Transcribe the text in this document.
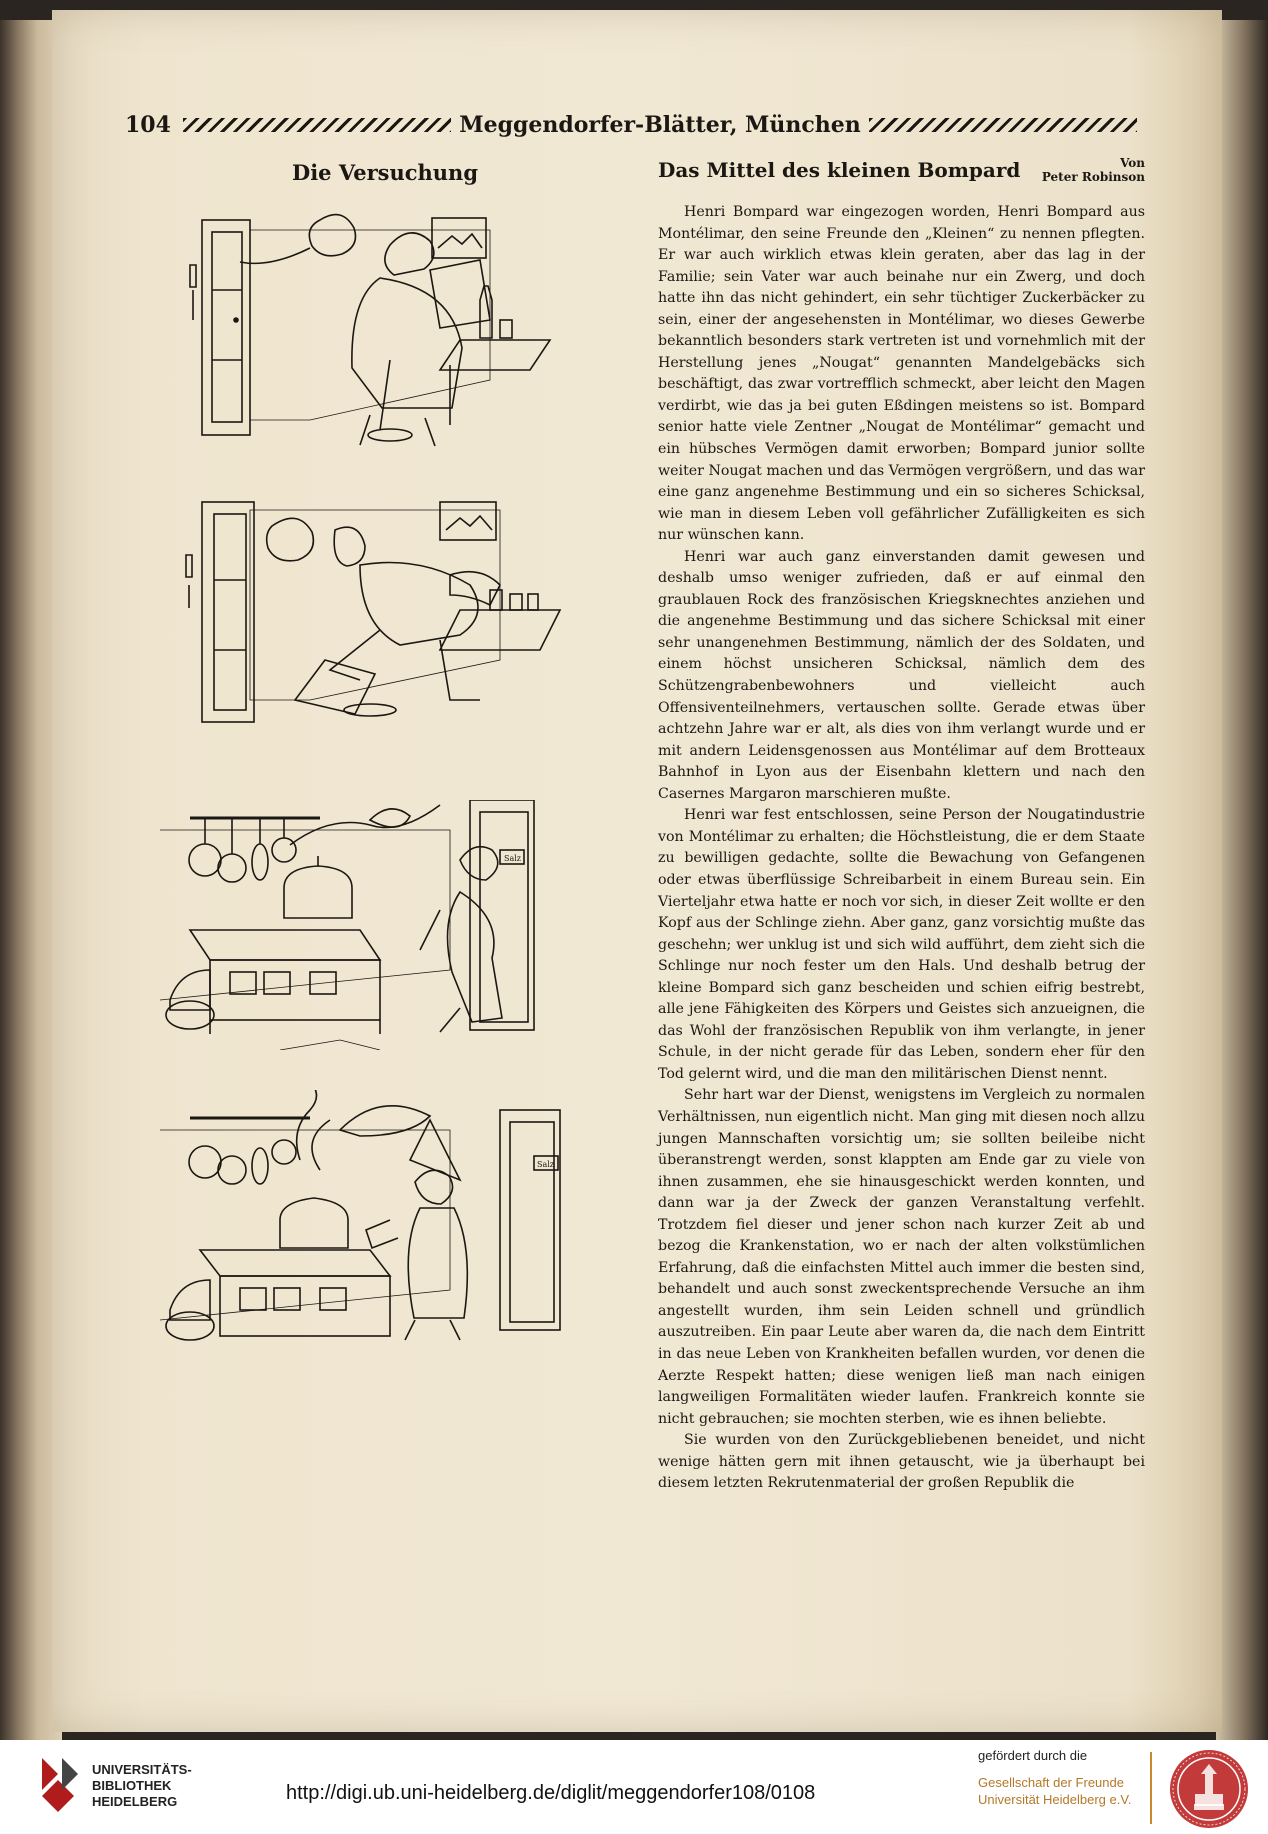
104	Meggendorfer-Blätter, München
Die Versuchung
Salz
Salz
Das Mittel des kleinen Bompard	Von
Peter Robinson

Henri Bompard war eingezogen worden, Henri Bompard aus Montélimar, den seine Freunde den „Kleinen“ zu nennen pflegten. Er war auch wirklich etwas klein geraten, aber das lag in der Familie; sein Vater war auch beinahe nur ein Zwerg, und doch hatte ihn das nicht gehindert, ein sehr tüchtiger Zuckerbäcker zu sein, einer der angesehensten in Montélimar, wo dieses Gewerbe bekanntlich besonders stark vertreten ist und vornehmlich mit der Herstellung jenes „Nougat“ genannten Mandelgebäcks sich beschäftigt, das zwar vortrefflich schmeckt, aber leicht den Magen verdirbt, wie das ja bei guten Eßdingen meistens so ist. Bompard senior hatte viele Zentner „Nougat de Montélimar“ gemacht und ein hübsches Vermögen damit erworben; Bompard junior sollte weiter Nougat machen und das Vermögen vergrößern, und das war eine ganz angenehme Bestimmung und ein so sicheres Schicksal, wie man in diesem Leben voll gefährlicher Zufälligkeiten es sich nur wünschen kann.

Henri war auch ganz einverstanden damit gewesen und deshalb umso weniger zufrieden, daß er auf einmal den graublauen Rock des französischen Kriegsknechtes anziehen und die angenehme Bestimmung und das sichere Schicksal mit einer sehr unangenehmen Bestimmung, nämlich der des Soldaten, und einem höchst unsicheren Schicksal, nämlich dem des Schützengrabenbewohners und vielleicht auch Offensiventeilnehmers, vertauschen sollte. Gerade etwas über achtzehn Jahre war er alt, als dies von ihm verlangt wurde und er mit andern Leidensgenossen aus Montélimar auf dem Brotteaux Bahnhof in Lyon aus der Eisenbahn klettern und nach den Casernes Margaron marschieren mußte.

Henri war fest entschlossen, seine Person der Nougatindustrie von Montélimar zu erhalten; die Höchstleistung, die er dem Staate zu bewilligen gedachte, sollte die Bewachung von Gefangenen oder etwas überflüssige Schreibarbeit in einem Bureau sein. Ein Vierteljahr etwa hatte er noch vor sich, in dieser Zeit wollte er den Kopf aus der Schlinge ziehn. Aber ganz, ganz vorsichtig mußte das geschehn; wer unklug ist und sich wild aufführt, dem zieht sich die Schlinge nur noch fester um den Hals. Und deshalb betrug der kleine Bompard sich ganz bescheiden und schien eifrig bestrebt, alle jene Fähigkeiten des Körpers und Geistes sich anzueignen, die das Wohl der französischen Republik von ihm verlangte, in jener Schule, in der nicht gerade für das Leben, sondern eher für den Tod gelernt wird, und die man den militärischen Dienst nennt.

Sehr hart war der Dienst, wenigstens im Vergleich zu normalen Verhältnissen, nun eigentlich nicht. Man ging mit diesen noch allzu jungen Mannschaften vorsichtig um; sie sollten beileibe nicht überanstrengt werden, sonst klappten am Ende gar zu viele von ihnen zusammen, ehe sie hinausgeschickt werden konnten, und dann war ja der Zweck der ganzen Veranstaltung verfehlt. Trotzdem fiel dieser und jener schon nach kurzer Zeit ab und bezog die Krankenstation, wo er nach der alten volkstümlichen Erfahrung, daß die einfachsten Mittel auch immer die besten sind, behandelt und auch sonst zweckentsprechende Versuche an ihm angestellt wurden, ihm sein Leiden schnell und gründlich auszutreiben. Ein paar Leute aber waren da, die nach dem Eintritt in das neue Leben von Krankheiten befallen wurden, vor denen die Aerzte Respekt hatten; diese wenigen ließ man nach einigen langweiligen Formalitäten wieder laufen. Frankreich konnte sie nicht gebrauchen; sie mochten sterben, wie es ihnen beliebte.

Sie wurden von den Zurückgebliebenen beneidet, und nicht wenige hätten gern mit ihnen getauscht, wie ja überhaupt bei diesem letzten Rekrutenmaterial der großen Republik die

UNIVERSITÄTS-
BIBLIOTHEK
HEIDELBERG	http://digi.ub.uni-heidelberg.de/diglit/meggendorfer108/0108
gefördert durch die
Gesellschaft der Freunde
Universität Heidelberg e.V.
